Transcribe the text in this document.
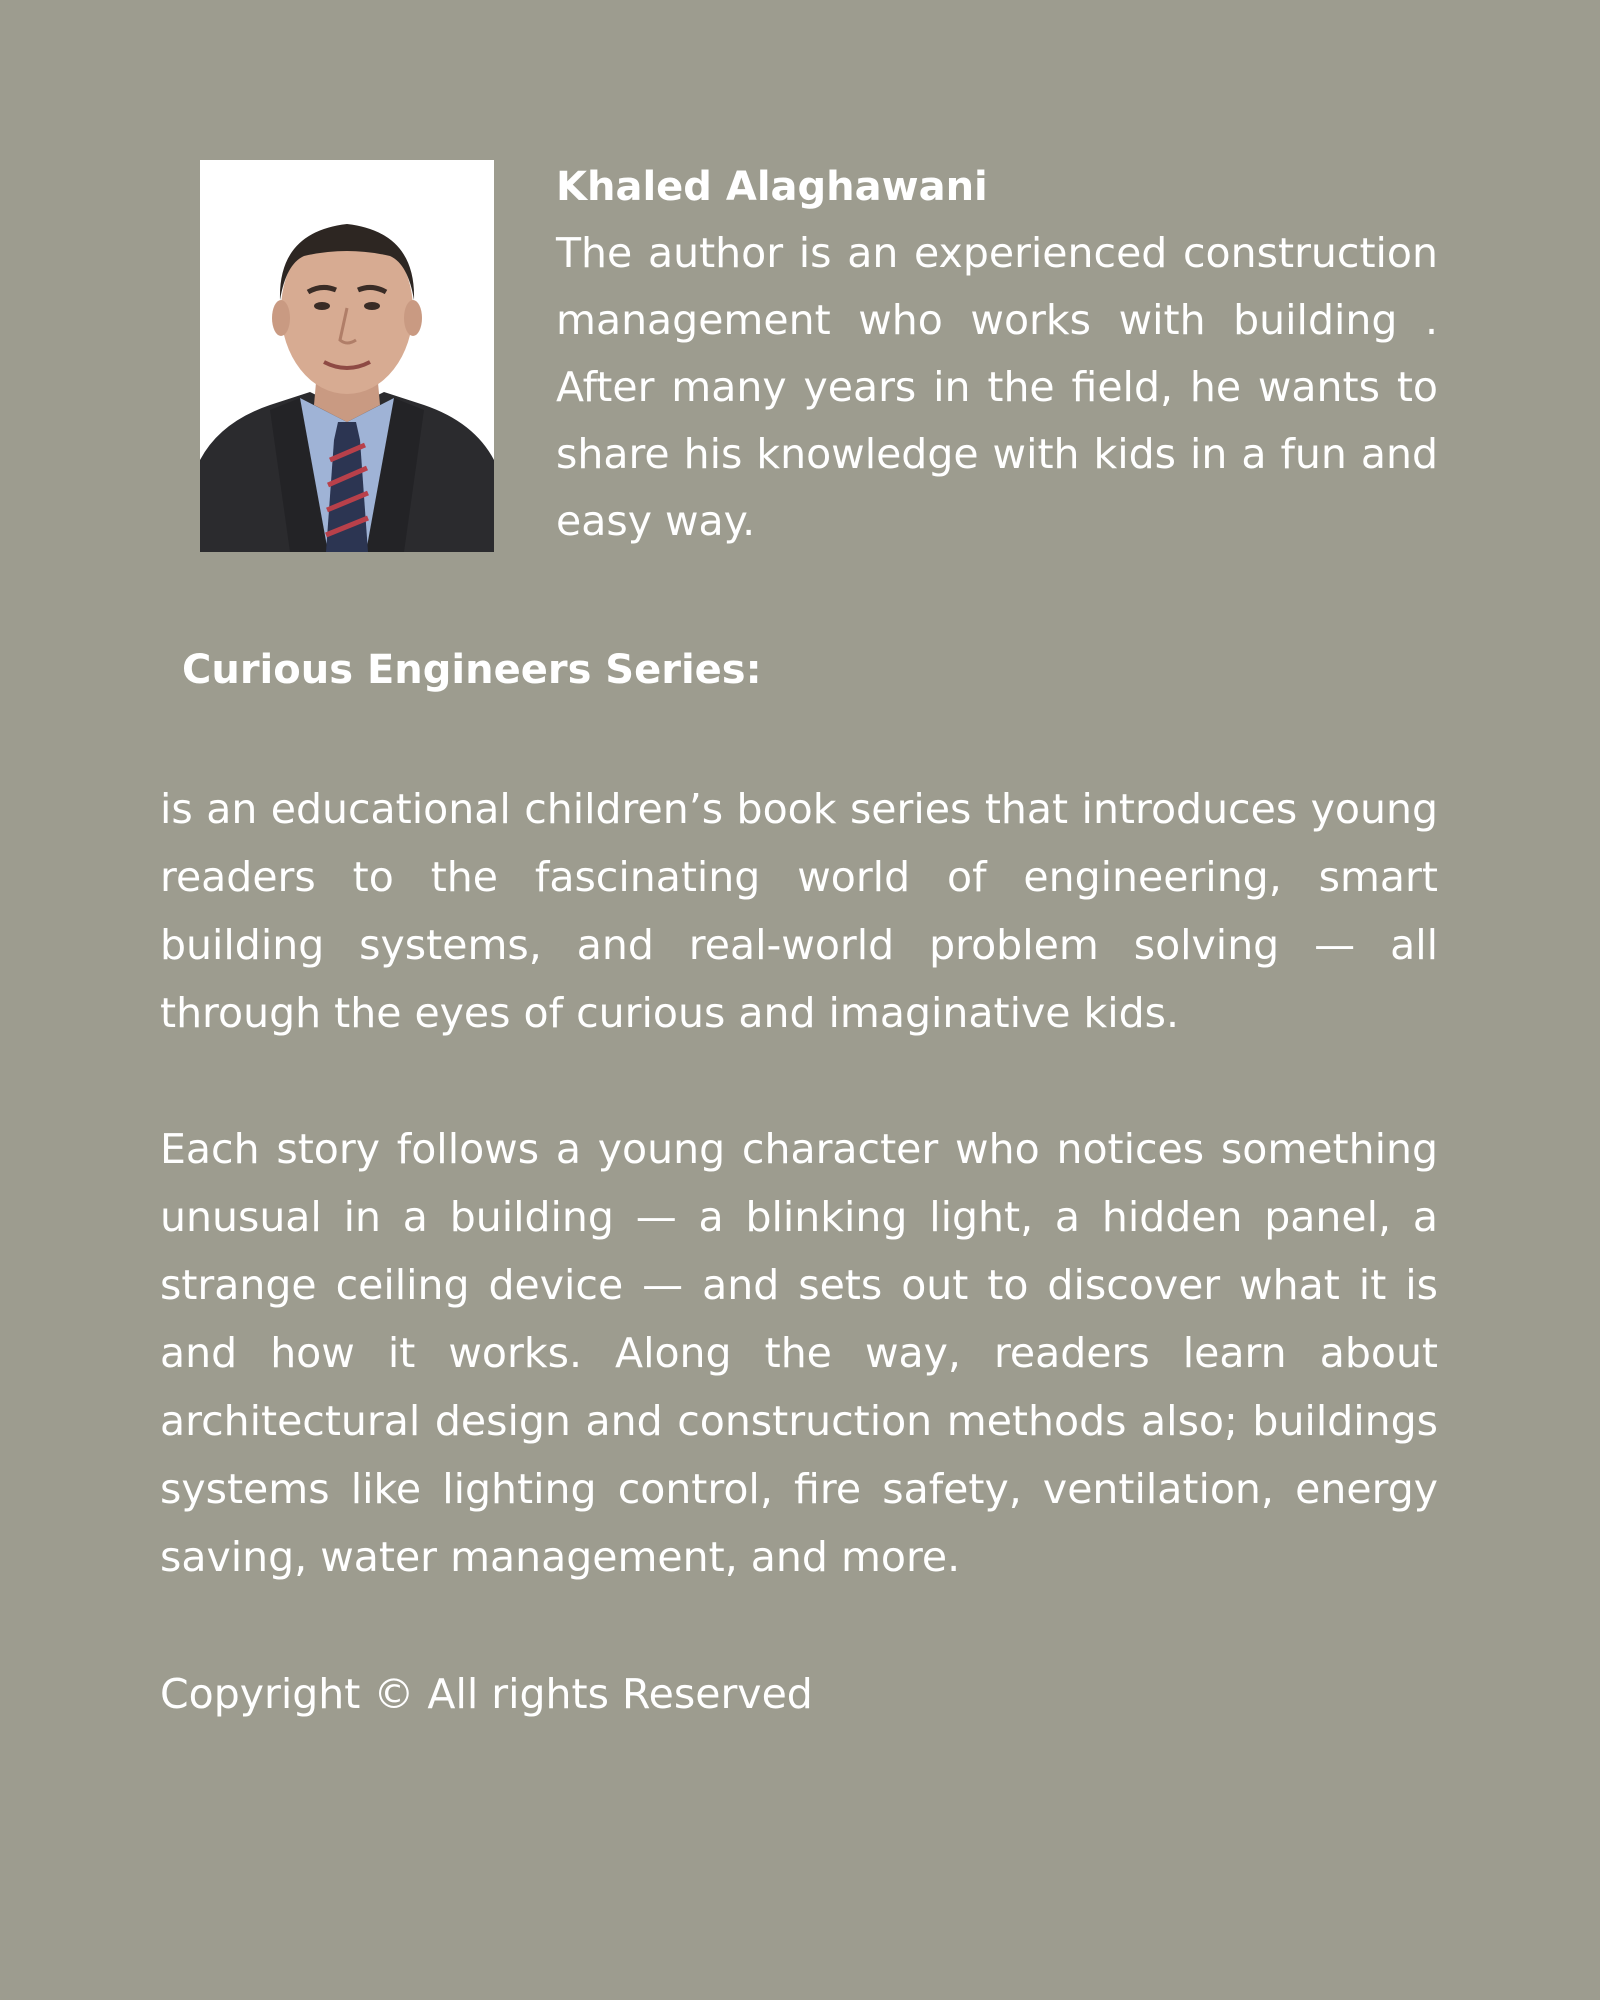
Khaled Alaghawani

The author is an experienced construction management who works with building . After many years in the field, he wants to share his knowledge with kids in a fun and easy way.

Curious Engineers Series:

is an educational children’s book series that introduces young readers to the fascinating world of engineering, smart building systems, and real-world problem solving — all through the eyes of curious and imaginative kids.

Each story follows a young character who notices something unusual in a building — a blinking light, a hidden panel, a strange ceiling device — and sets out to discover what it is and how it works. Along the way, readers learn about architectural design and construction methods also; buildings systems like lighting control, fire safety, ventilation, energy saving, water management, and more.

Copyright © All rights Reserved
